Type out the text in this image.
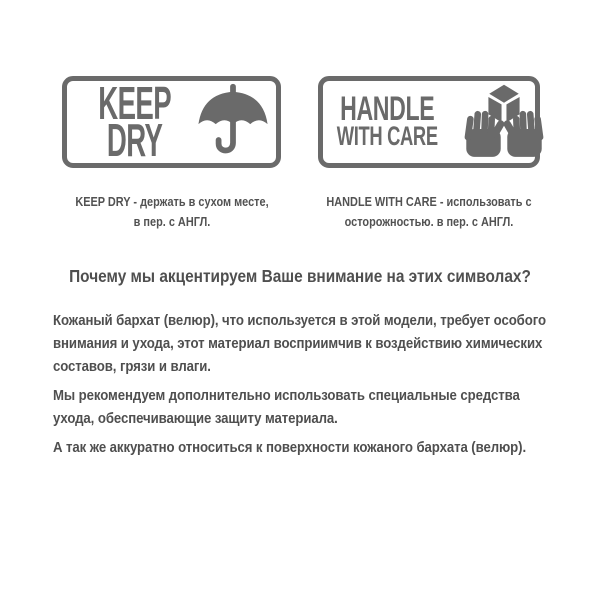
KEEP
DRY
HANDLE
WITH CARE
KEEP DRY - держать в сухом месте,
в пер. с АНГЛ.
HANDLE WITH CARE - использовать с
осторожностью. в пер. с АНГЛ.
Почему мы акцентируем Ваше внимание на этих символах?
Кожаный бархат (велюр), что используется в этой модели, требует особого
внимания и ухода, этот материал восприимчив к воздействию химических
составов, грязи и влаги.
Мы рекомендуем дополнительно использовать специальные средства
ухода, обеспечивающие защиту материала.
А так же аккуратно относиться к поверхности кожаного бархата (велюр).
